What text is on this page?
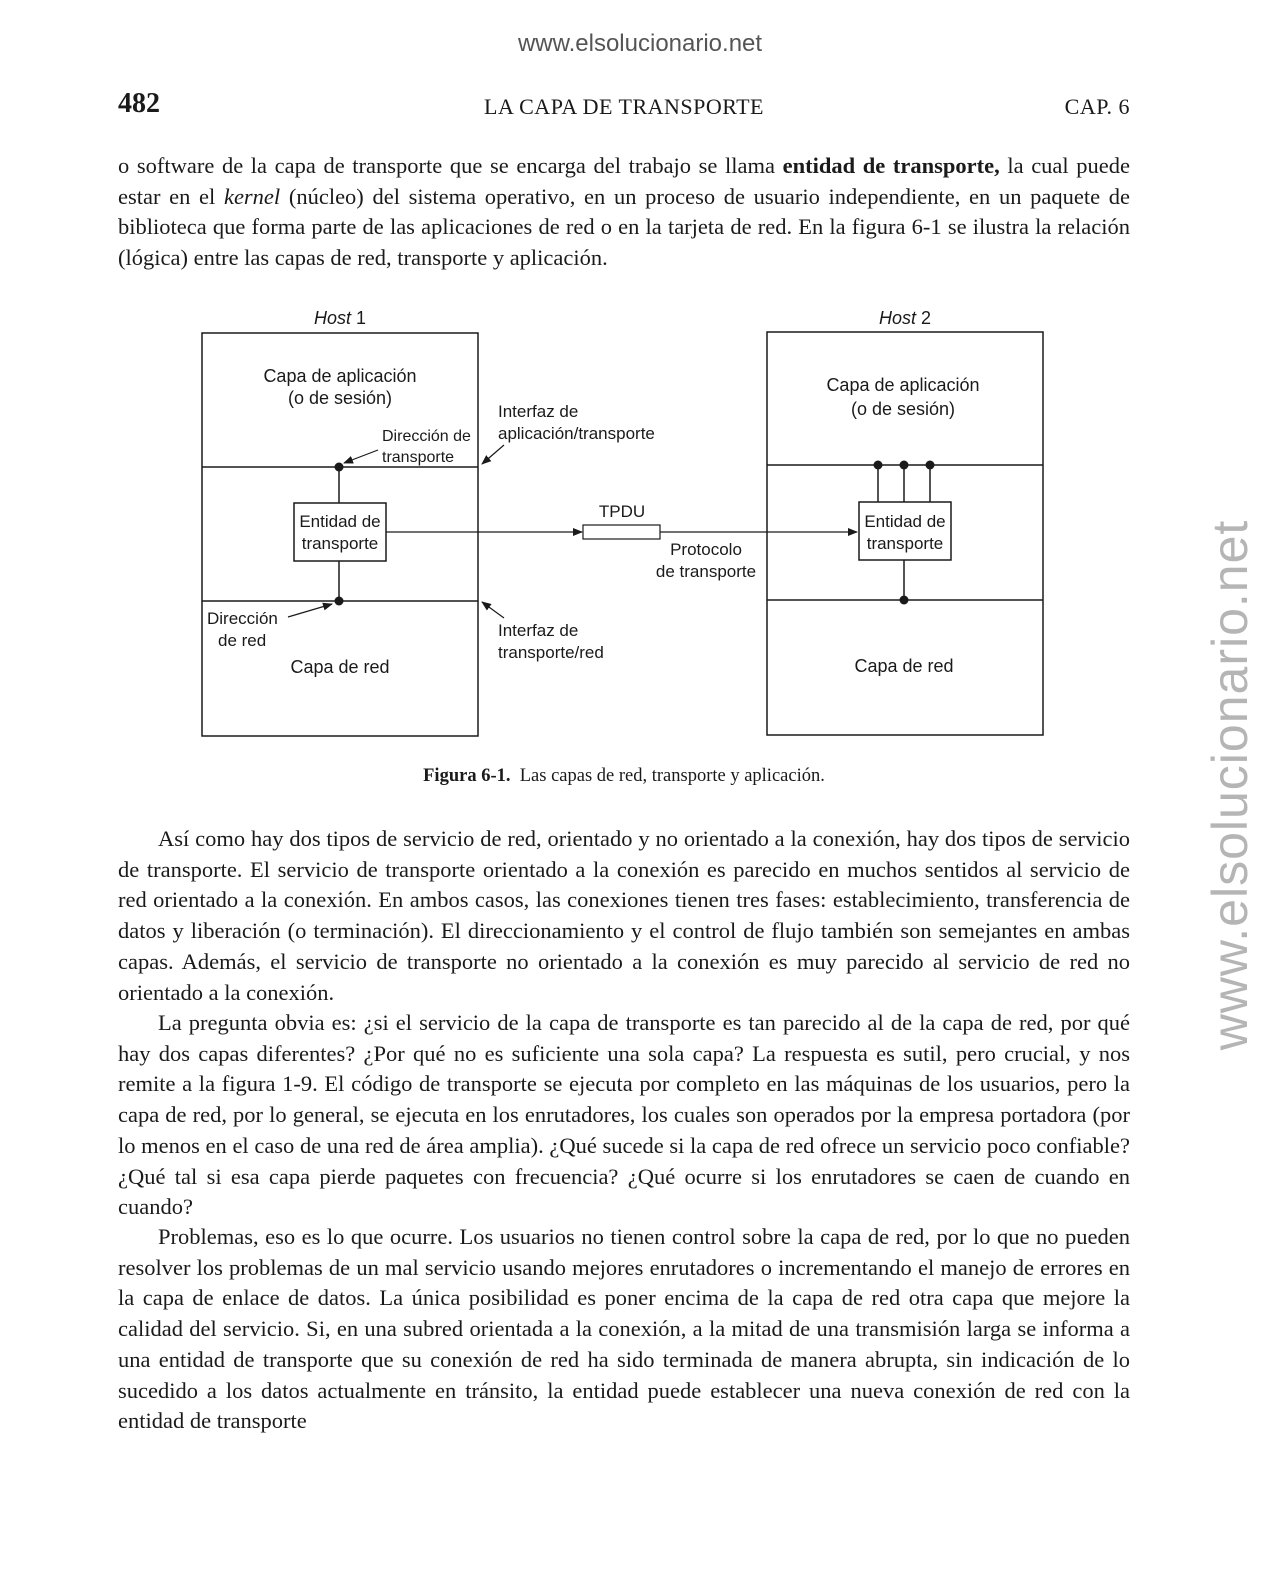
www.elsolucionario.net
www.elsolucionario.net
482	LA CAPA DE TRANSPORTE	CAP. 6

o software de la capa de transporte que se encarga del trabajo se llama entidad de transporte, la cual puede estar en el kernel (núcleo) del sistema operativo, en un proceso de usuario independiente, en un paquete de biblioteca que forma parte de las aplicaciones de red o en la tarjeta de red. En la figura 6-1 se ilustra la relación (lógica) entre las capas de red, transporte y aplicación.

Host 1
Capa de aplicación
(o de sesión)
Dirección de
transporte
Entidad de
transporte
Dirección
de red
Capa de red
Interfaz de
aplicación/transporte
Interfaz de
transporte/red
TPDU
Protocolo
de transporte
Host 2
Capa de aplicación
(o de sesión)
Entidad de
transporte
Capa de red
Figura 6-1. Las capas de red, transporte y aplicación.

Así como hay dos tipos de servicio de red, orientado y no orientado a la conexión, hay dos tipos de servicio de transporte. El servicio de transporte orientado a la conexión es parecido en muchos sentidos al servicio de red orientado a la conexión. En ambos casos, las conexiones tienen tres fases: establecimiento, transferencia de datos y liberación (o terminación). El direccionamiento y el control de flujo también son semejantes en ambas capas. Además, el servicio de transporte no orientado a la conexión es muy parecido al servicio de red no orientado a la conexión.

La pregunta obvia es: ¿si el servicio de la capa de transporte es tan parecido al de la capa de red, por qué hay dos capas diferentes? ¿Por qué no es suficiente una sola capa? La respuesta es sutil, pero crucial, y nos remite a la figura 1-9. El código de transporte se ejecuta por completo en las máquinas de los usuarios, pero la capa de red, por lo general, se ejecuta en los enrutadores, los cuales son operados por la empresa portadora (por lo menos en el caso de una red de área amplia). ¿Qué sucede si la capa de red ofrece un servicio poco confiable? ¿Qué tal si esa capa pierde paquetes con frecuencia? ¿Qué ocurre si los enrutadores se caen de cuando en cuando?

Problemas, eso es lo que ocurre. Los usuarios no tienen control sobre la capa de red, por lo que no pueden resolver los problemas de un mal servicio usando mejores enrutadores o incrementando el manejo de errores en la capa de enlace de datos. La única posibilidad es poner encima de la capa de red otra capa que mejore la calidad del servicio. Si, en una subred orientada a la conexión, a la mitad de una transmisión larga se informa a una entidad de transporte que su conexión de red ha sido terminada de manera abrupta, sin indicación de lo sucedido a los datos actualmente en tránsito, la entidad puede establecer una nueva conexión de red con la entidad de transporte
